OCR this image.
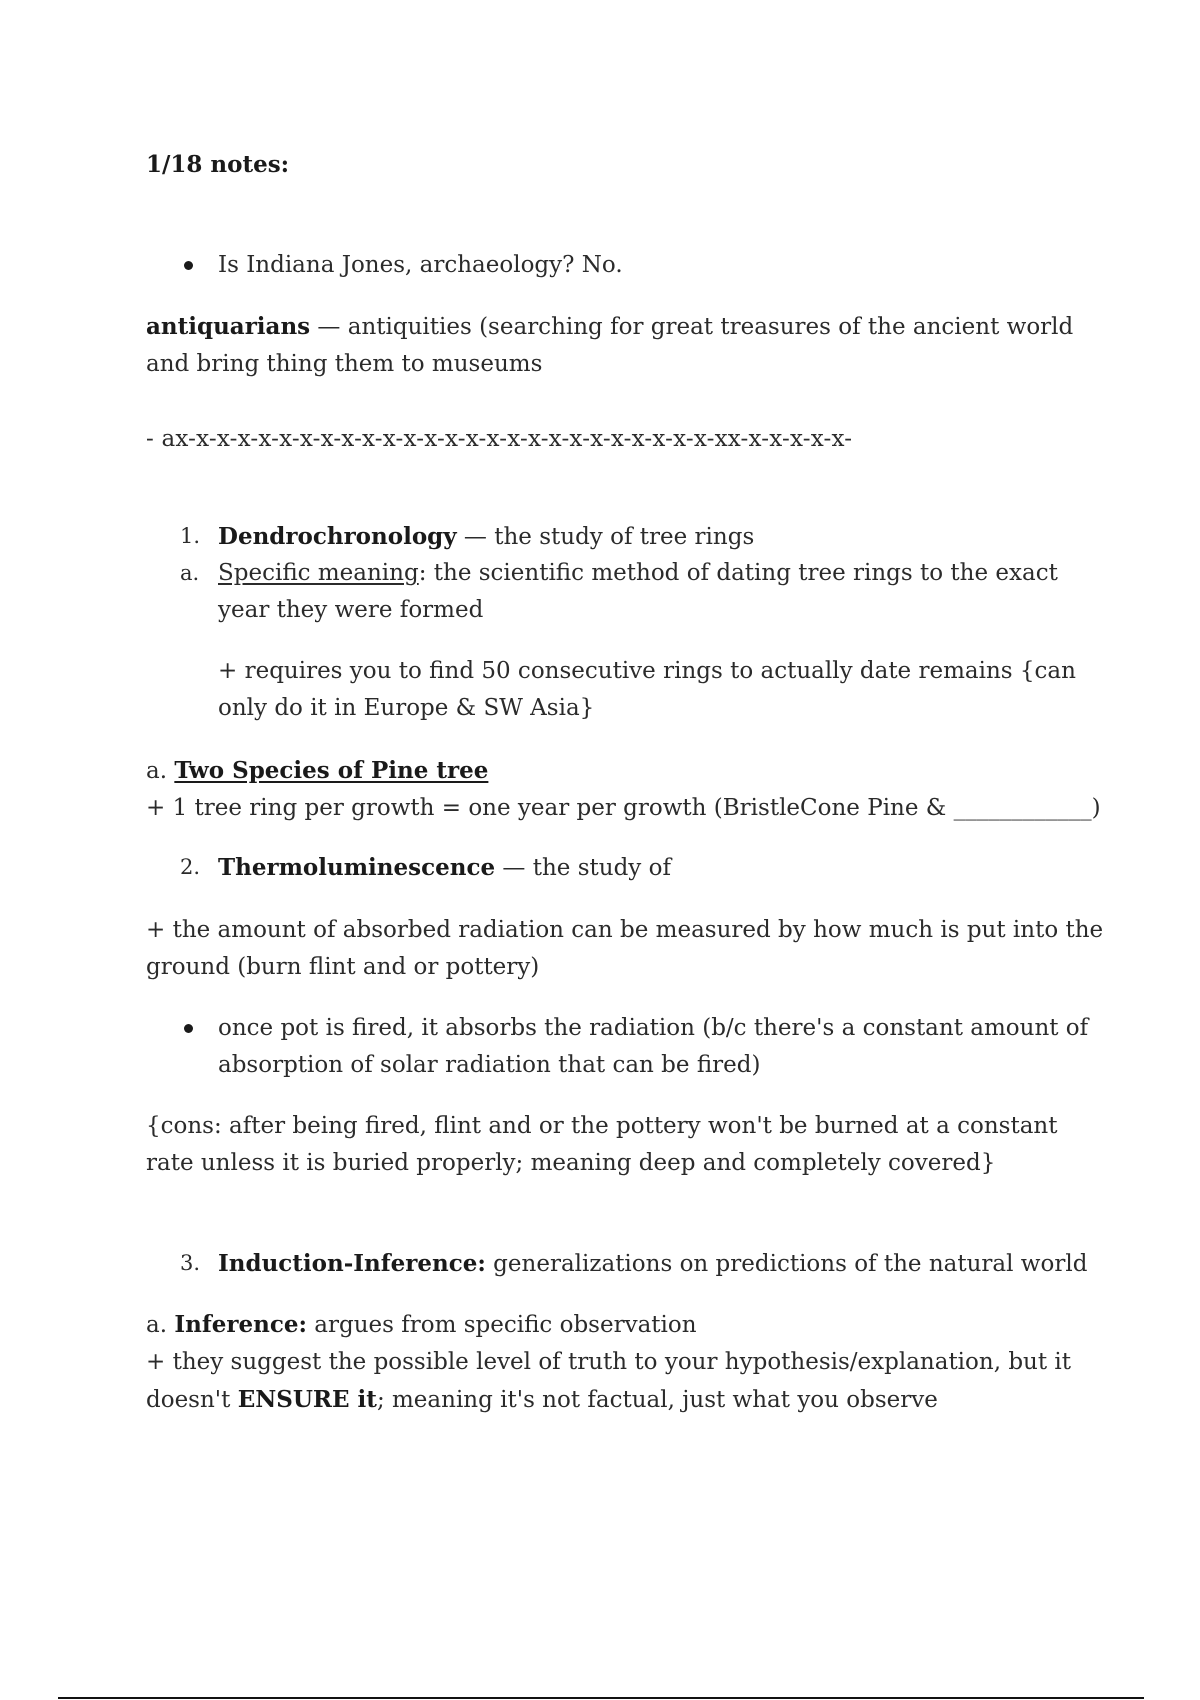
1/18 notes:

Is Indiana Jones, archaeology? No.

antiquarians — antiquities (searching for great treasures of the ancient world and bring thing them to museums

- ax-x-x-x-x-x-x-x-x-x-x-x-x-x-x-x-x-x-x-x-x-x-x-x-x-x-xx-x-x-x-x-x-

1. Dendrochronology — the study of tree rings

a. Specific meaning: the scientific method of dating tree rings to the exact year they were formed

+ requires you to find 50 consecutive rings to actually date remains {can only do it in Europe & SW Asia}

a. Two Species of Pine tree
+ 1 tree ring per growth = one year per growth (BristleCone Pine & ____________)

2. Thermoluminescence — the study of

+ the amount of absorbed radiation can be measured by how much is put into the ground (burn flint and or pottery)

once pot is fired, it absorbs the radiation (b/c there's a constant amount of absorption of solar radiation that can be fired)

{cons: after being fired, flint and or the pottery won't be burned at a constant rate unless it is buried properly; meaning deep and completely covered}

3. Induction-Inference: generalizations on predictions of the natural world

a. Inference: argues from specific observation
+ they suggest the possible level of truth to your hypothesis/explanation, but it doesn't ENSURE it; meaning it's not factual, just what you observe
